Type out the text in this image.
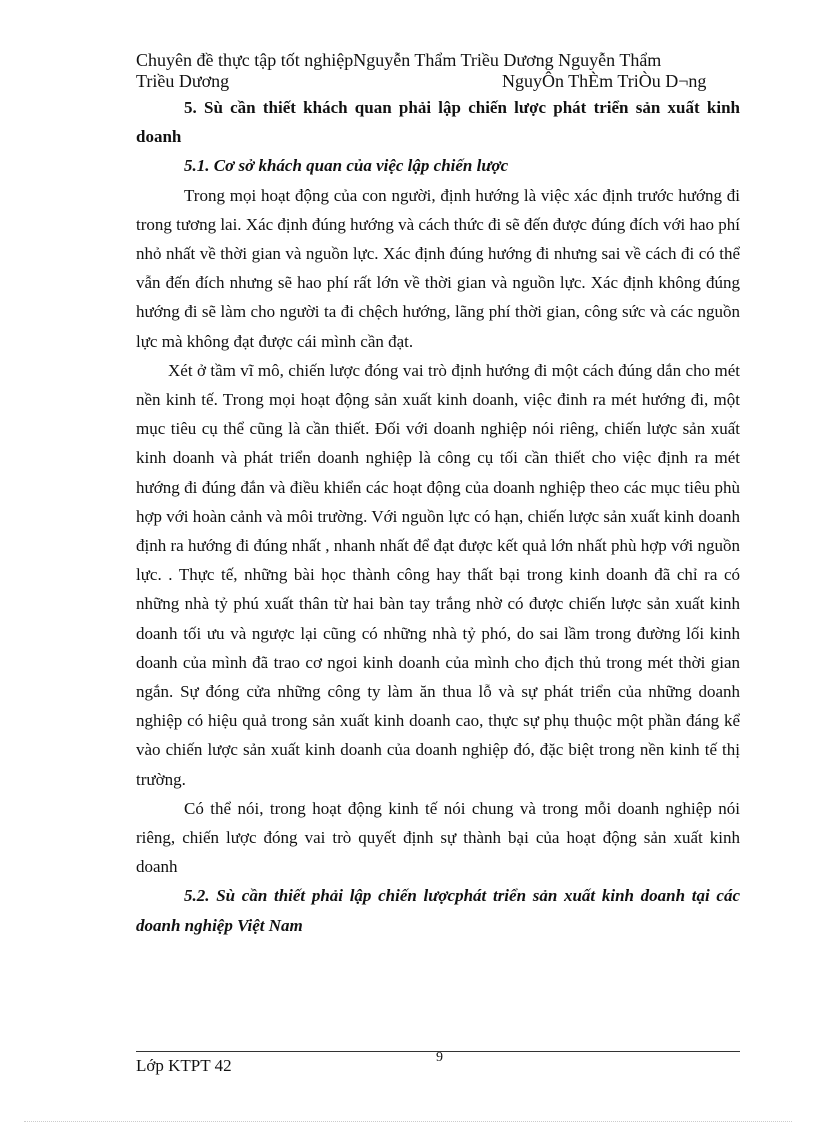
Chuyên đề thực tập tốt nghiệpNguyễn Thẩm Triều Dương Nguyễn Thẩm
Triều Dương	NguyÔn ThÈm TriÒu D¬ng

5. Sù cần thiết khách quan phải lập chiến lược phát triển sản xuất kinh doanh

5.1. Cơ sở khách quan của việc lập chiến lược

Trong mọi hoạt động của con người, định hướng là việc xác định trước hướng đi trong tương lai. Xác định đúng hướng và cách thức đi sẽ đến được đúng đích với hao phí nhỏ nhất về thời gian và nguồn lực. Xác định đúng hướng đi nhưng sai về cách đi có thể vẫn đến đích nhưng sẽ hao phí rất lớn về thời gian và nguồn lực. Xác định không đúng hướng đi sẽ làm cho người ta đi chệch hướng, lãng phí thời gian, công sức và các nguồn lực mà không đạt được cái mình cần đạt.

Xét ở tầm vĩ mô, chiến lược đóng vai trò định hướng đi một cách đúng dắn cho mét nền kinh tế. Trong mọi hoạt động sản xuất kinh doanh, việc đinh ra mét hướng đi, một mục tiêu cụ thể cũng là cần thiết. Đối với doanh nghiệp nói riêng, chiến lược sản xuất kinh doanh và phát triển doanh nghiệp là công cụ tối cần thiết cho việc định ra mét hướng đi đúng đắn và điều khiển các hoạt động của doanh nghiệp theo các mục tiêu phù hợp với hoàn cảnh và môi trường. Với nguồn lực có hạn, chiến lược sản xuất kinh doanh định ra hướng đi đúng nhất , nhanh nhất để đạt được kết quả lớn nhất phù hợp với nguồn lực. . Thực tế, những bài học thành công hay thất bại trong kinh doanh đã chỉ ra có những nhà tỷ phú xuất thân từ hai bàn tay trắng nhờ có được chiến lược sản xuất kinh doanh tối ưu và ngược lại cũng có những nhà tỷ phó, do sai lầm trong đường lối kinh doanh của mình đã trao cơ ngoi kinh doanh của mình cho địch thủ trong mét thời gian ngắn. Sự đóng cửa những công ty làm ăn thua lỗ và sự phát triển của những doanh nghiệp có hiệu quả trong sản xuất kinh doanh cao, thực sự phụ thuộc một phần đáng kể vào chiến lược sản xuất kinh doanh của doanh nghiệp đó, đặc biệt trong nền kinh tế thị trường.

Có thể nói, trong hoạt động kinh tế nói chung và trong mỗi doanh nghiệp nói riêng, chiến lược đóng vai trò quyết định sự thành bại của hoạt động sản xuất kinh doanh

5.2. Sù cần thiết phải lập chiến lượcphát triển sản xuất kinh doanh tại các doanh nghiệp Việt Nam

Lớp KTPT 42	9
